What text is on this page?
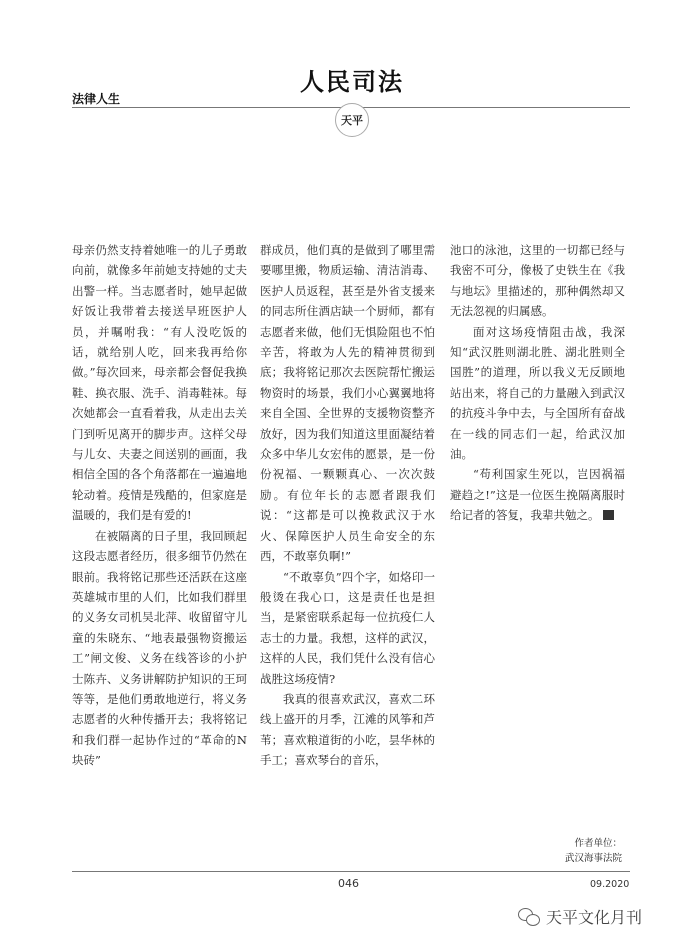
法律人生
人民司法
天平

母亲仍然支持着她唯一的儿子勇敢向前，就像多年前她支持她的丈夫出警一样。当志愿者时，她早起做好饭让我带着去接送早班医护人员，并嘱咐我：“有人没吃饭的话，就给别人吃，回来我再给你做。”每次回来，母亲都会督促我换鞋、换衣服、洗手、消毒鞋袜。每次她都会一直看着我，从走出去关门到听见离开的脚步声。这样父母与儿女、夫妻之间送别的画面，我相信全国的各个角落都在一遍遍地轮动着。疫情是残酷的，但家庭是温暖的，我们是有爱的!

在被隔离的日子里，我回顾起这段志愿者经历，很多细节仍然在眼前。我将铭记那些还活跃在这座英雄城市里的人们，比如我们群里的义务女司机吴北萍、收留留守儿童的朱晓东、“地表最强物资搬运工”闸文俊、义务在线答诊的小护士陈卉、义务讲解防护知识的王珂等等，是他们勇敢地逆行，将义务志愿者的火种传播开去；我将铭记和我们群一起协作过的“革命的N块砖”

群成员，他们真的是做到了哪里需要哪里搬，物质运输、清洁消毒、医护人员返程，甚至是外省支援来的同志所住酒店缺一个厨师，都有志愿者来做，他们无惧险阻也不怕辛苦，将敢为人先的精神贯彻到底；我将铭记那次去医院帮忙搬运物资时的场景，我们小心翼翼地将来自全国、全世界的支援物资整齐放好，因为我们知道这里面凝结着众多中华儿女宏伟的愿景，是一份份祝福、一颗颗真心、一次次鼓励。有位年长的志愿者跟我们说：“这都是可以挽救武汉于水火、保障医护人员生命安全的东西，不敢辜负啊!”

“不敢辜负”四个字，如烙印一般烫在我心口，这是责任也是担当，是紧密联系起每一位抗疫仁人志士的力量。我想，这样的武汉，这样的人民，我们凭什么没有信心战胜这场疫情?

我真的很喜欢武汉，喜欢二环线上盛开的月季，江滩的风筝和芦苇；喜欢粮道街的小吃，昙华林的手工；喜欢琴台的音乐，

池口的泳池，这里的一切都已经与我密不可分，像极了史铁生在《我与地坛》里描述的，那种偶然却又无法忽视的归属感。

面对这场疫情阻击战，我深知“武汉胜则湖北胜、湖北胜则全国胜”的道理，所以我义无反顾地站出来，将自己的力量融入到武汉的抗疫斗争中去，与全国所有奋战在一线的同志们一起，给武汉加油。

“苟利国家生死以，岂因祸福避趋之!”这是一位医生挽隔离服时给记者的答复，我辈共勉之。

作者单位：
武汉海事法院
046	09.2020
天平文化月刊
